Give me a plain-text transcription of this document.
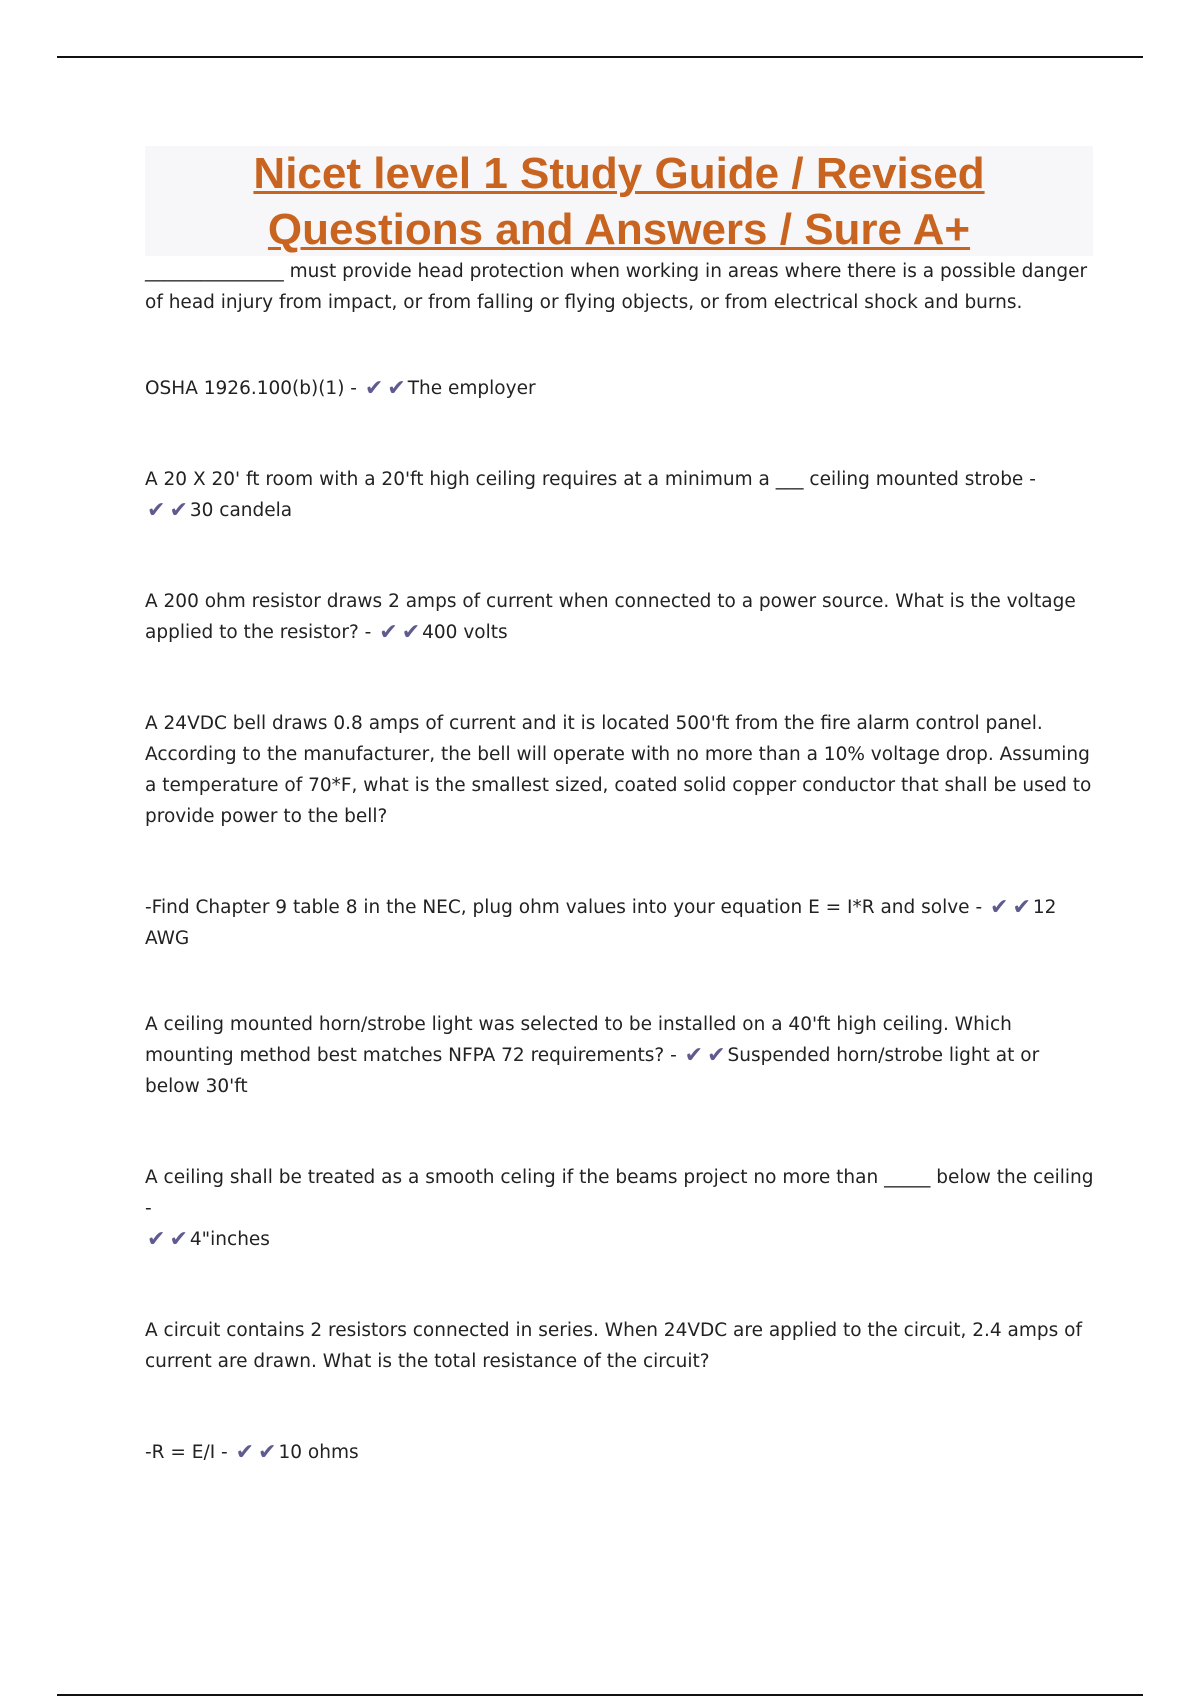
Nicet level 1 Study Guide / Revised
Questions and Answers / Sure A+

_______________ must provide head protection when working in areas where there is a possible danger of head injury from impact, or from falling or flying objects, or from electrical shock and burns.

OSHA 1926.100(b)(1) - ✔ ✔ The employer

A 20 X 20' ft room with a 20'ft high ceiling requires at a minimum a ___ ceiling mounted strobe -
✔ ✔ 30 candela

A 200 ohm resistor draws 2 amps of current when connected to a power source. What is the voltage applied to the resistor? - ✔ ✔ 400 volts

A 24VDC bell draws 0.8 amps of current and it is located 500'ft from the fire alarm control panel. According to the manufacturer, the bell will operate with no more than a 10% voltage drop. Assuming a temperature of 70*F, what is the smallest sized, coated solid copper conductor that shall be used to provide power to the bell?

-Find Chapter 9 table 8 in the NEC, plug ohm values into your equation E = I*R and solve - ✔ ✔ 12 AWG

A ceiling mounted horn/strobe light was selected to be installed on a 40'ft high ceiling. Which mounting method best matches NFPA 72 requirements? - ✔ ✔ Suspended horn/strobe light at or below 30'ft

A ceiling shall be treated as a smooth celing if the beams project no more than _____ below the ceiling -
✔ ✔ 4"inches

A circuit contains 2 resistors connected in series. When 24VDC are applied to the circuit, 2.4 amps of current are drawn. What is the total resistance of the circuit?

-R = E/I - ✔ ✔ 10 ohms
